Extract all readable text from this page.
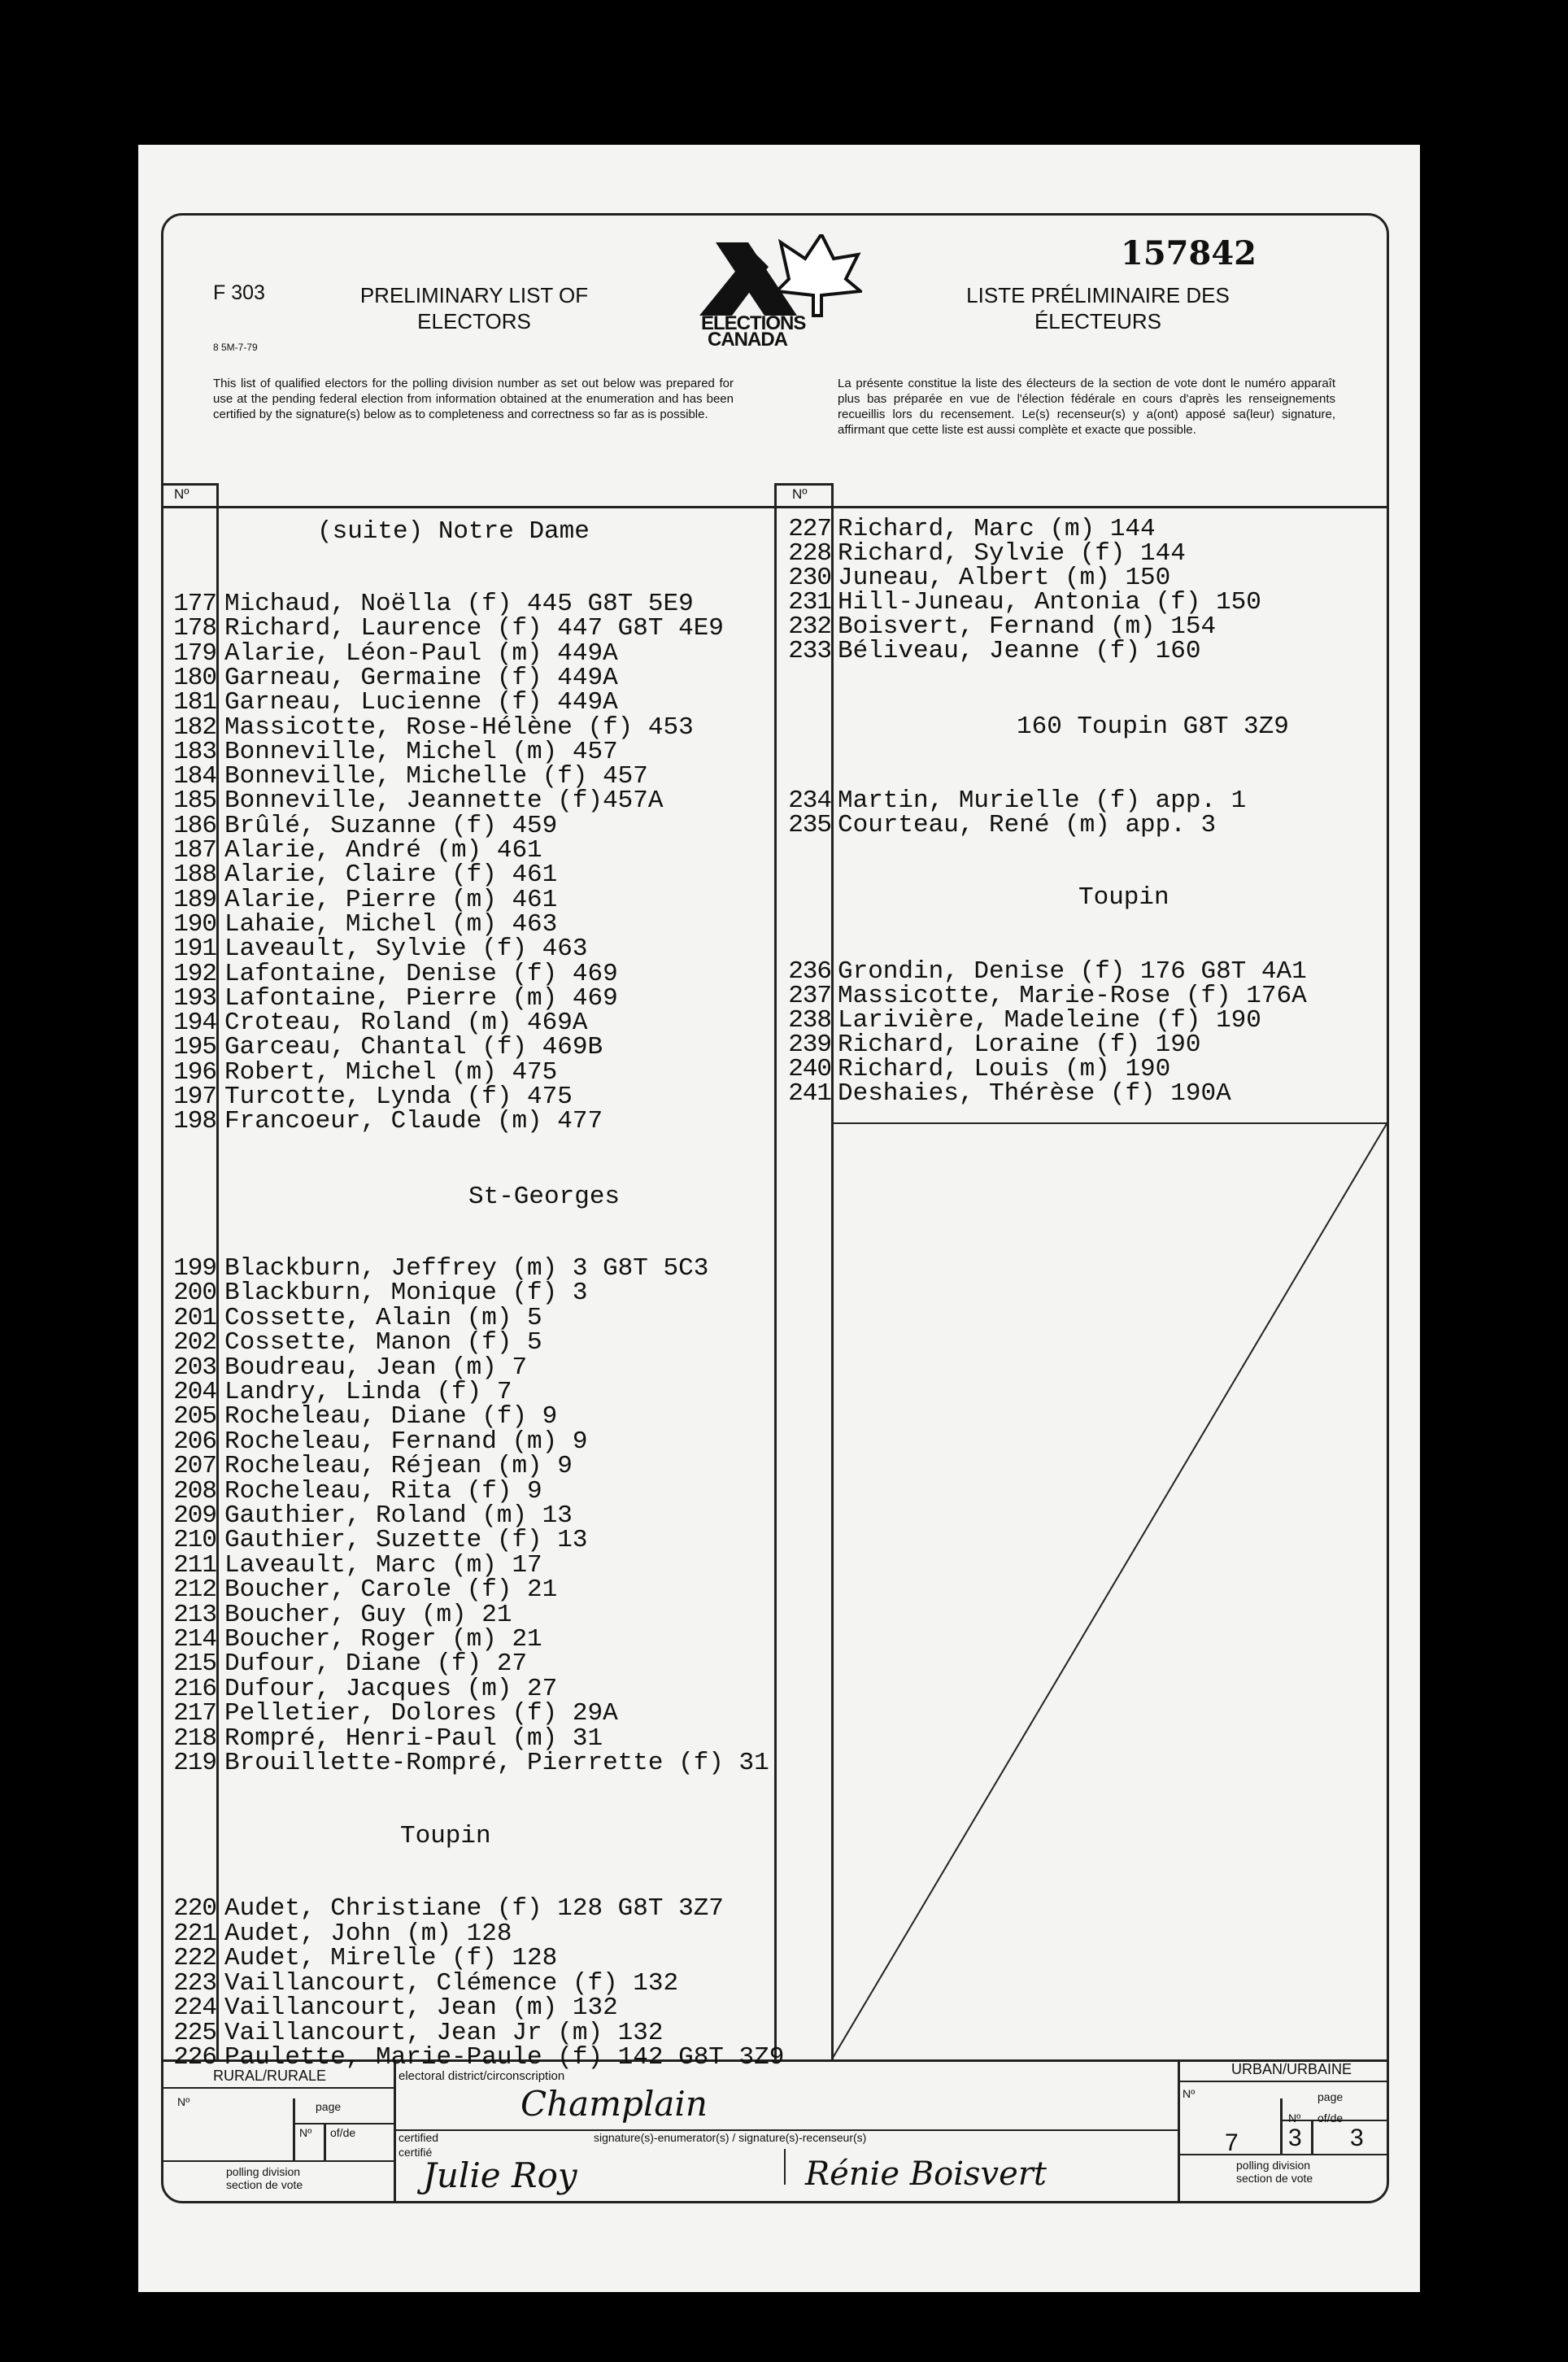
F 303
8 5M-7-79
PRELIMINARY LIST OF
ELECTORS	ELECTIONS
CANADA
157842
LISTE PRÉLIMINAIRE DES
ÉLECTEURS
This list of qualified electors for the polling division number as set out below was prepared for use at the pending federal election from information obtained at the enumeration and has been certified by the signature(s) below as to completeness and correctness so far as is possible.
La présente constitue la liste des électeurs de la section de vote dont le numéro apparaît plus bas préparée en vue de l'élection fédérale en cours d'après les renseignements recueillis lors du recensement. Le(s) recenseur(s) y a(ont) apposé sa(leur) signature, affirmant que cette liste est aussi complète et exacte que possible.
Nº	Nº
RURAL/RURALE	URBAN/URBAINE
Nº	page
Nº of/de
polling division
section de vote
electoral district/circonscription
Champlain
certified
certifié
signature(s)-enumerator(s) / signature(s)-recenseur(s)
Julie Roy	Rénie Boisvert
Nº	page
Nº of/de
7 3 3
polling division
section de vote
177 Michaud, Noëlla (f) 445 G8T 5E9
178 Richard, Laurence (f) 447 G8T 4E9
179 Alarie, Léon-Paul (m) 449A
180 Garneau, Germaine (f) 449A
181 Garneau, Lucienne (f) 449A
182 Massicotte, Rose-Hélène (f) 453
183 Bonneville, Michel (m) 457
184 Bonneville, Michelle (f) 457
185 Bonneville, Jeannette (f)457A
186 Brûlé, Suzanne (f) 459
187 Alarie, André (m) 461
188 Alarie, Claire (f) 461
189 Alarie, Pierre (m) 461
190 Lahaie, Michel (m) 463
191 Laveault, Sylvie (f) 463
192 Lafontaine, Denise (f) 469
193 Lafontaine, Pierre (m) 469
194 Croteau, Roland (m) 469A
195 Garceau, Chantal (f) 469B
196 Robert, Michel (m) 475
197 Turcotte, Lynda (f) 475
198 Francoeur, Claude (m) 477
199 Blackburn, Jeffrey (m) 3 G8T 5C3
200 Blackburn, Monique (f) 3
201 Cossette, Alain (m) 5
202 Cossette, Manon (f) 5
203 Boudreau, Jean (m) 7
204 Landry, Linda (f) 7
205 Rocheleau, Diane (f) 9
206 Rocheleau, Fernand (m) 9
207 Rocheleau, Réjean (m) 9
208 Rocheleau, Rita (f) 9
209 Gauthier, Roland (m) 13
210 Gauthier, Suzette (f) 13
211 Laveault, Marc (m) 17
212 Boucher, Carole (f) 21
213 Boucher, Guy (m) 21
214 Boucher, Roger (m) 21
215 Dufour, Diane (f) 27
216 Dufour, Jacques (m) 27
217 Pelletier, Dolores (f) 29A
218 Rompré, Henri-Paul (m) 31
219 Brouillette-Rompré, Pierrette (f) 31
220 Audet, Christiane (f) 128 G8T 3Z7
221 Audet, John (m) 128
222 Audet, Mirelle (f) 128
223 Vaillancourt, Clémence (f) 132
224 Vaillancourt, Jean (m) 132
225 Vaillancourt, Jean Jr (m) 132
226 Paulette, Marie-Paule (f) 142 G8T 3Z9
(suite) Notre Dame
St-Georges
Toupin
227 Richard, Marc (m) 144
228 Richard, Sylvie (f) 144
230 Juneau, Albert (m) 150
231 Hill-Juneau, Antonia (f) 150
232 Boisvert, Fernand (m) 154
233 Béliveau, Jeanne (f) 160
234 Martin, Murielle (f) app. 1
235 Courteau, René (m) app. 3
236 Grondin, Denise (f) 176 G8T 4A1
237 Massicotte, Marie-Rose (f) 176A
238 Larivière, Madeleine (f) 190
239 Richard, Loraine (f) 190
240 Richard, Louis (m) 190
241 Deshaies, Thérèse (f) 190A
160 Toupin G8T 3Z9
Toupin
